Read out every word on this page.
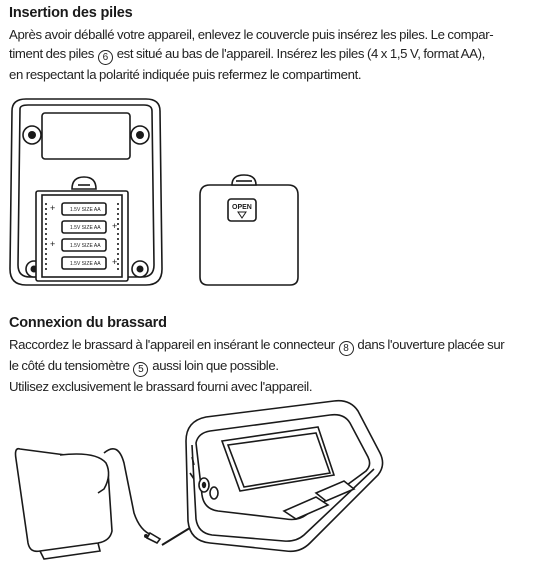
Insertion des piles
Après avoir déballé votre appareil, enlevez le couvercle puis insérez les piles. Le compar-
timent des piles 6 est situé au bas de l'appareil. Insérez les piles (4 x 1,5 V, format AA),
en respectant la polarité indiquée puis refermez le compartiment.
1.5V SIZE AA
1.5V SIZE AA
1.5V SIZE AA
1.5V SIZE AA
+
+
+
+
OPEN
Connexion du brassard
Raccordez le brassard à l'appareil en insérant le connecteur 8 dans l'ouverture placée sur
le côté du tensiomètre 5 aussi loin que possible.
Utilisez exclusivement le brassard fourni avec l'appareil.
